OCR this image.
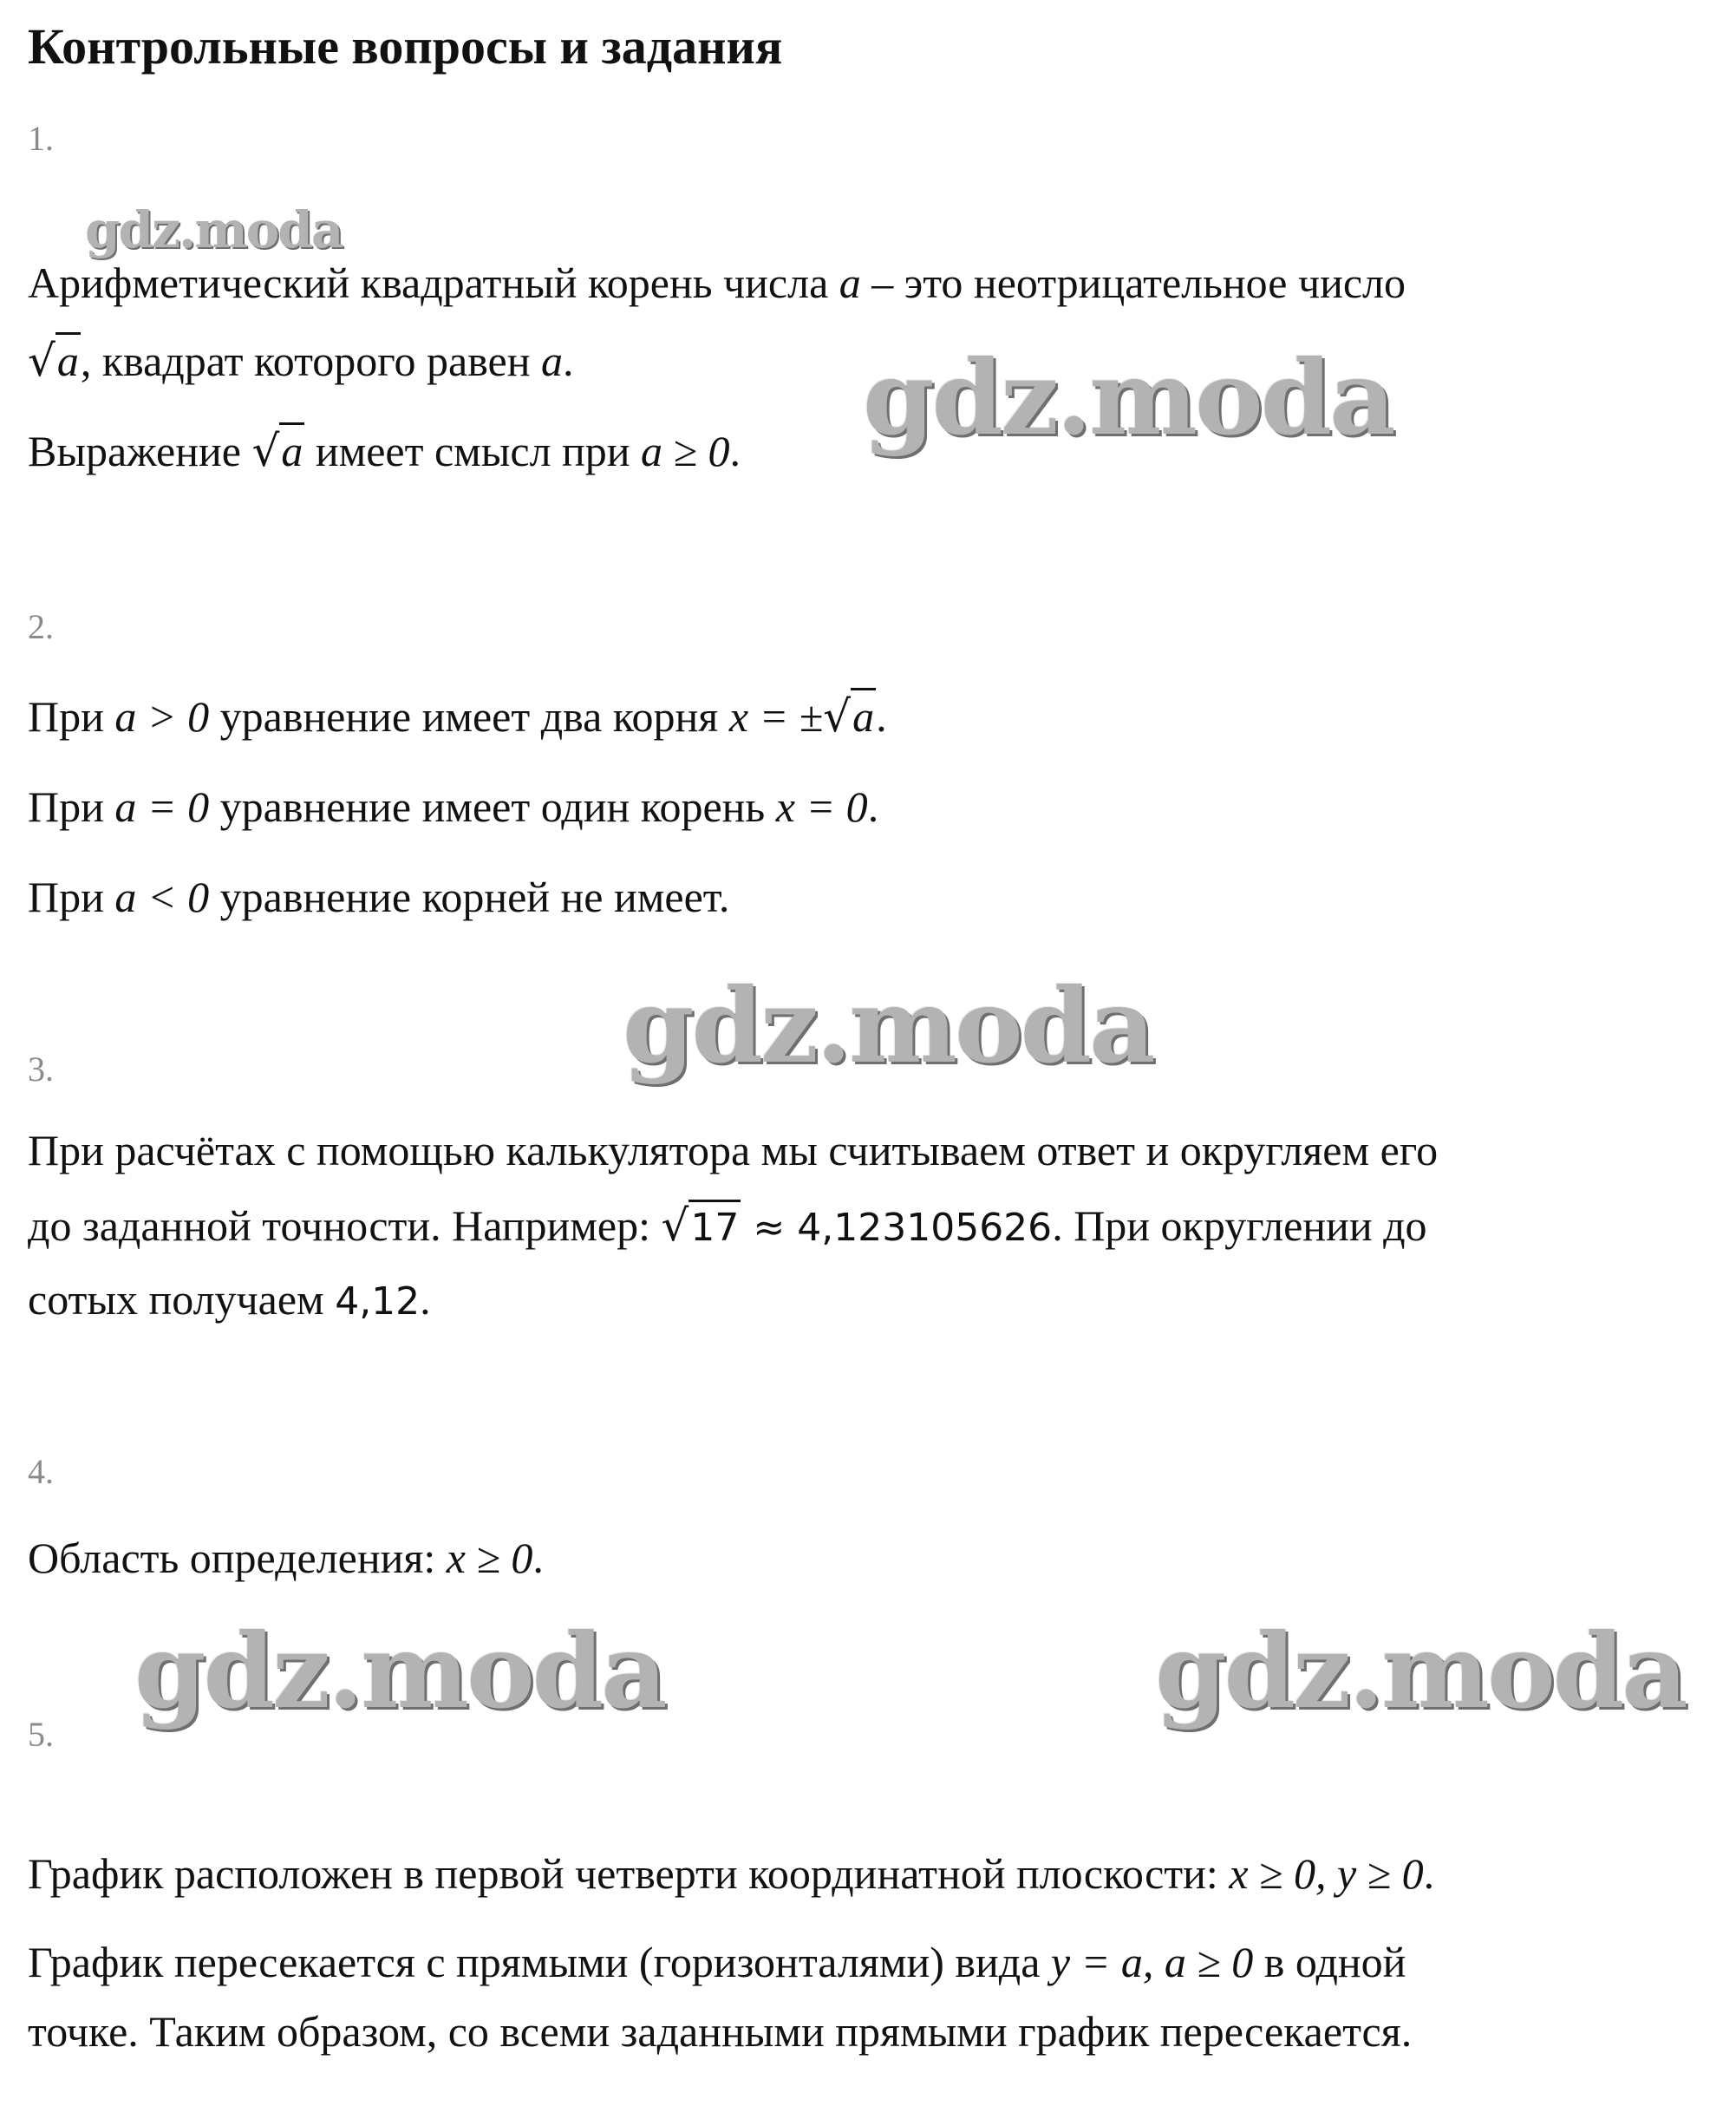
Контрольные вопросы и задания
1.
Арифметический квадратный корень числа a – это неотрицательное число
√a, квадрат которого равен a.
Выражение √a имеет смысл при a ≥ 0.
2.
При a > 0 уравнение имеет два корня x = ±√a.
При a = 0 уравнение имеет один корень x = 0.
При a < 0 уравнение корней не имеет.
3.
При расчётах с помощью калькулятора мы считываем ответ и округляем его
до заданной точности. Например: √17 ≈ 4,123105626. При округлении до
сотых получаем 4,12.
4.
Область определения: x ≥ 0.
5.
График расположен в первой четверти координатной плоскости: x ≥ 0, y ≥ 0.
График пересекается с прямыми (горизонталями) вида y = a, a ≥ 0 в одной
точке. Таким образом, со всеми заданными прямыми график пересекается.
gdz.moda
gdz.moda
gdz.moda
gdz.moda	gdz.moda
